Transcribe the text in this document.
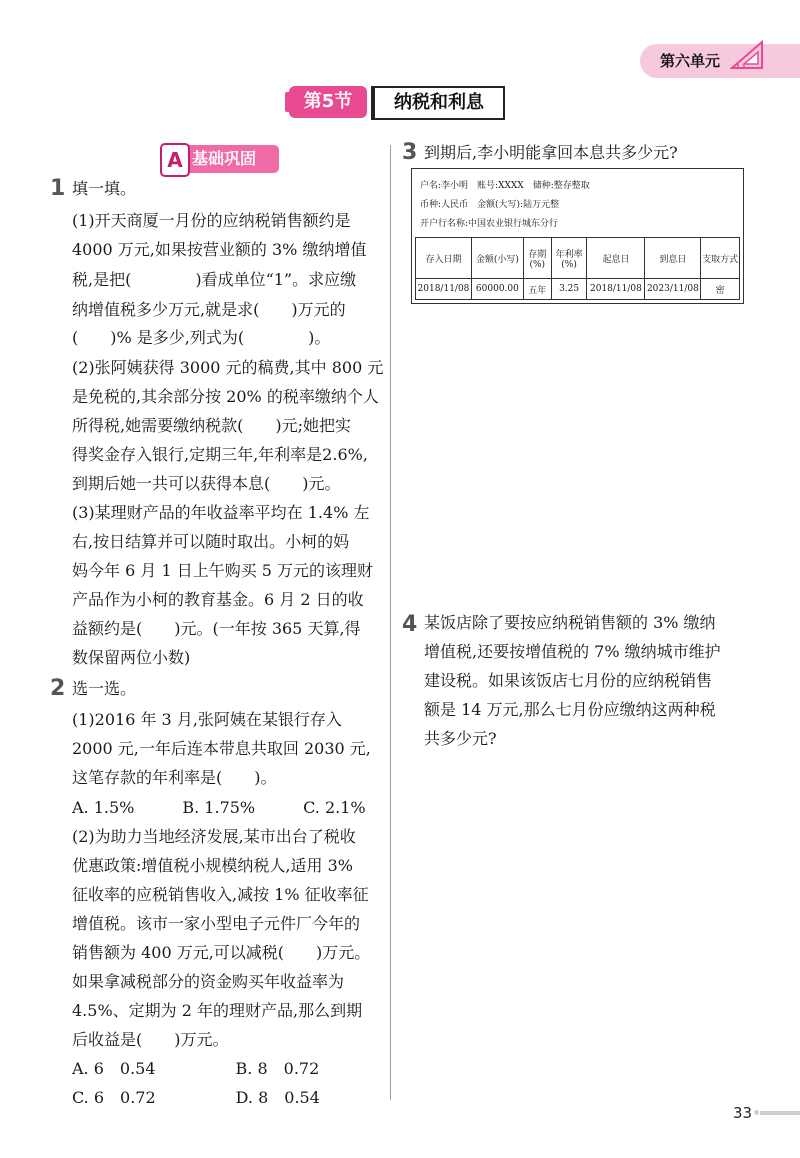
第六单元
第5节	纳税和利息
A 基础巩固
1 填一填。
(1)开天商厦一月份的应纳税销售额约是
4000 万元,如果按营业额的 3% 缴纳增值
税,是把(　　　　)看成单位“1”。求应缴
纳增值税多少万元,就是求(　　)万元的
(　　)% 是多少,列式为(　　　　)。
(2)张阿姨获得 3000 元的稿费,其中 800 元
是免税的,其余部分按 20% 的税率缴纳个人
所得税,她需要缴纳税款(　　)元;她把实
得奖金存入银行,定期三年,年利率是2.6%,
到期后她一共可以获得本息(　　)元。
(3)某理财产品的年收益率平均在 1.4% 左
右,按日结算并可以随时取出。小柯的妈
妈今年 6 月 1 日上午购买 5 万元的该理财
产品作为小柯的教育基金。6 月 2 日的收
益额约是(　　)元。(一年按 365 天算,得
数保留两位小数)
2 选一选。
(1)2016 年 3 月,张阿姨在某银行存入
2000 元,一年后连本带息共取回 2030 元,
这笔存款的年利率是(　　)。
A. 1.5%　　　B. 1.75%　　　C. 2.1%
(2)为助力当地经济发展,某市出台了税收
优惠政策:增值税小规模纳税人,适用 3%
征收率的应税销售收入,减按 1% 征收率征
增值税。该市一家小型电子元件厂今年的
销售额为 400 万元,可以减税(　　)万元。
如果拿减税部分的资金购买年收益率为
4.5%、定期为 2 年的理财产品,那么到期
后收益是(　　)万元。
A. 6　0.54　　　　　B. 8　0.72
C. 6　0.72　　　　　D. 8　0.54
3 到期后,李小明能拿回本息共多少元?
户名:李小明　账号:XXXX　储种:整存整取
币种:人民币　金额(大写):陆万元整
开户行名称:中国农业银行城东分行
存入日期	金额(小写)	存期(%)	年利率(%)	起息日	到息日	支取方式
2018/11/08	60000.00	五年	3.25	2018/11/08	2023/11/08	密
4 某饭店除了要按应纳税销售额的 3% 缴纳
增值税,还要按增值税的 7% 缴纳城市维护
建设税。如果该饭店七月份的应纳税销售
额是 14 万元,那么七月份应缴纳这两种税
共多少元?
33
